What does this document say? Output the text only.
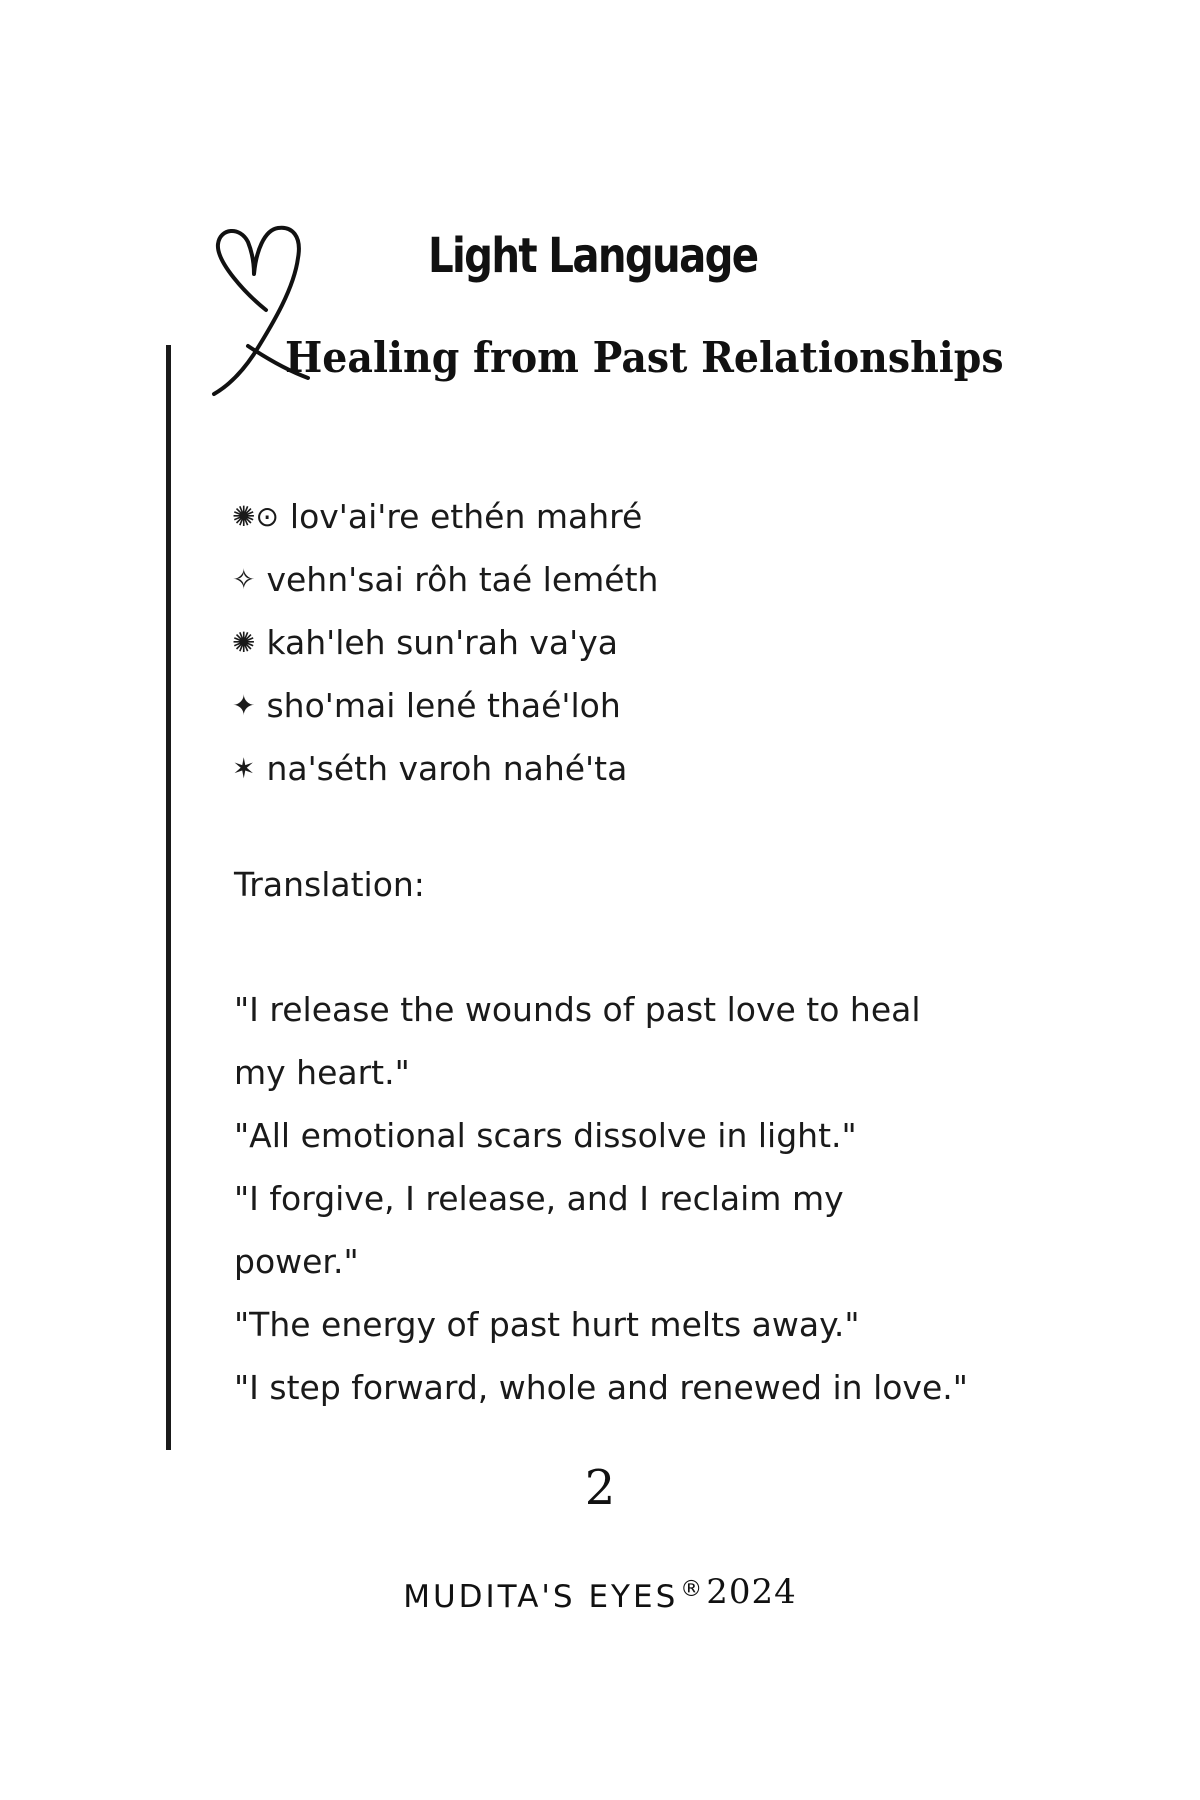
Light Language
Healing from Past Relationships
✺⊙ lov'ai're ethén mahré
✧ vehn'sai rôh taé leméth
✺ kah'leh sun'rah va'ya
✦ sho'mai lené thaé'loh
✶ na'séth varoh nahé'ta

Translation:

"I release the wounds of past love to heal
my heart."
"All emotional scars dissolve in light."
"I forgive, I release, and I reclaim my
power."
"The energy of past hurt melts away."
"I step forward, whole and renewed in love."

2

MUDITA'S EYES® 2024
